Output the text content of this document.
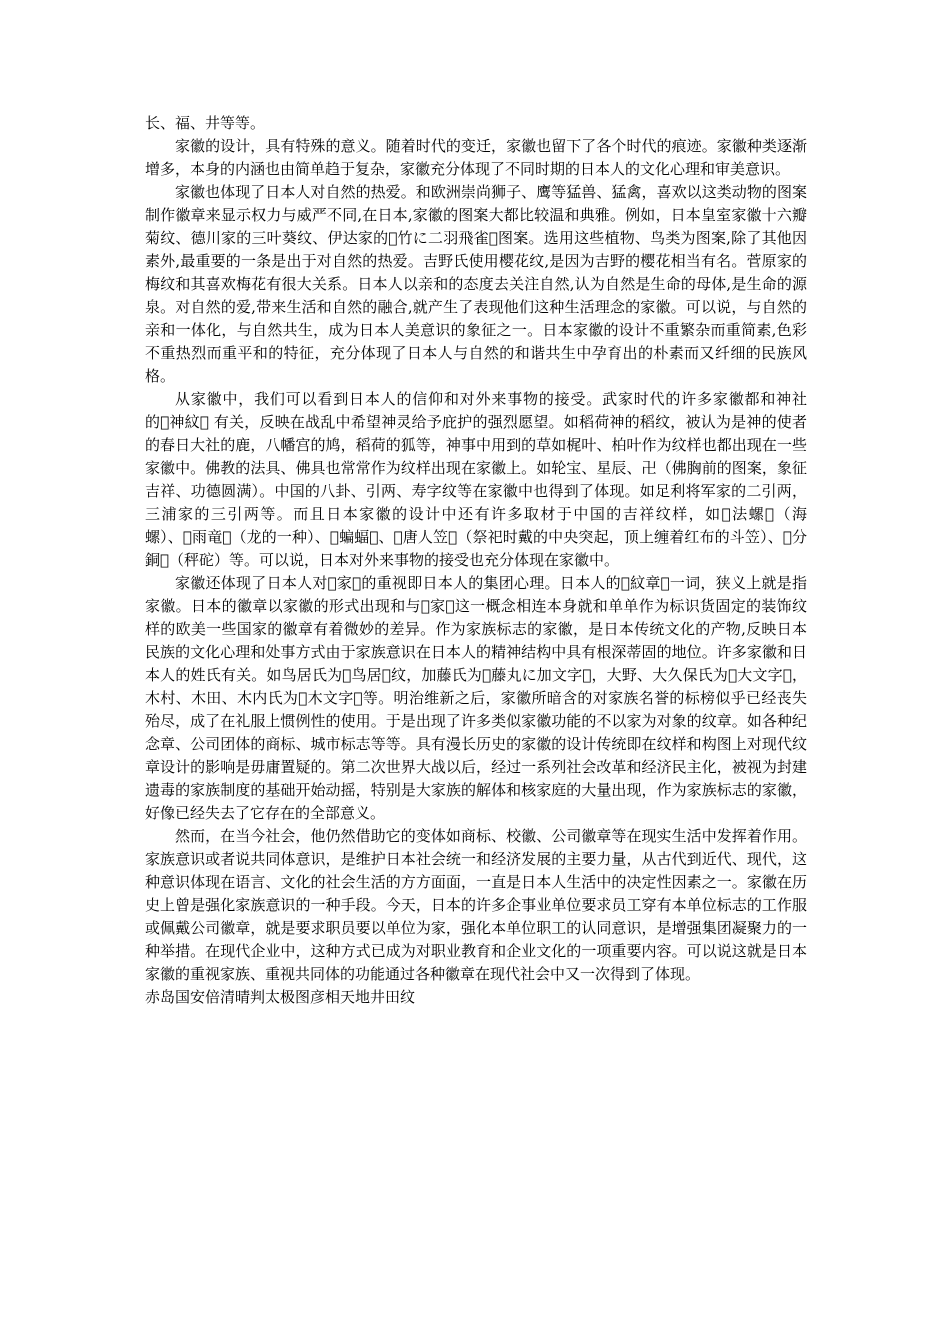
长、福、井等等。

家徽的设计，具有特殊的意义。随着时代的变迁，家徽也留下了各个时代的痕迹。家徽种类逐渐增多，本身的内涵也由简单趋于复杂，家徽充分体现了不同时期的日本人的文化心理和审美意识。

家徽也体现了日本人对自然的热爱。和欧洲崇尚狮子、鹰等猛兽、猛禽，喜欢以这类动物的图案制作徽章来显示权力与威严不同,在日本,家徽的图案大都比较温和典雅。例如，日本皇室家徽十六瓣菊纹、德川家的三叶葵纹、伊达家的 竹に二羽飛雀 图案。选用这些植物、鸟类为图案,除了其他因素外,最重要的一条是出于对自然的热爱。吉野氏使用樱花纹,是因为吉野的樱花相当有名。菅原家的梅纹和其喜欢梅花有很大关系。日本人以亲和的态度去关注自然,认为自然是生命的母体,是生命的源泉。对自然的爱,带来生活和自然的融合,就产生了表现他们这种生活理念的家徽。可以说，与自然的亲和一体化，与自然共生，成为日本人美意识的象征之一。日本家徽的设计不重繁杂而重简素,色彩不重热烈而重平和的特征，充分体现了日本人与自然的和谐共生中孕育出的朴素而又纤细的民族风格。

从家徽中，我们可以看到日本人的信仰和对外来事物的接受。武家时代的许多家徽都和神社的 神紋  有关，反映在战乱中希望神灵给予庇护的强烈愿望。如稻荷神的稻纹，被认为是神的使者的春日大社的鹿，八幡宫的鸠，稻荷的狐等，神事中用到的草如梶叶、柏叶作为纹样也都出现在一些家徽中。佛教的法具、佛具也常常作为纹样出现在家徽上。如轮宝、星辰、卍（佛胸前的图案，象征吉祥、功德圆满）。中国的八卦、引两、寿字纹等在家徽中也得到了体现。如足利将军家的二引两，三浦家的三引两等。而且日本家徽的设计中还有许多取材于中国的吉祥纹样，如 法螺 （海螺）、 雨竜 （龙的一种）、 蝙蝠 、 唐人笠 （祭祀时戴的中央突起，顶上缠着红布的斗笠）、 分銅 （秤砣）等。可以说，日本对外来事物的接受也充分体现在家徽中。

家徽还体现了日本人对 家 的重视即日本人的集团心理。日本人的 紋章 一词，狭义上就是指家徽。日本的徽章以家徽的形式出现和与 家 这一概念相连本身就和单单作为标识货固定的装饰纹样的欧美一些国家的徽章有着微妙的差异。作为家族标志的家徽，是日本传统文化的产物,反映日本民族的文化心理和处事方式由于家族意识在日本人的精神结构中具有根深蒂固的地位。许多家徽和日本人的姓氏有关。如鸟居氏为 鸟居 纹，加藤氏为 藤丸に加文字 ，大野、大久保氏为 大文字 ，木村、木田、木内氏为 木文字 等。明治维新之后，家徽所暗含的对家族名誉的标榜似乎已经丧失殆尽，成了在礼服上惯例性的使用。于是出现了许多类似家徽功能的不以家为对象的纹章。如各种纪念章、公司团体的商标、城市标志等等。具有漫长历史的家徽的设计传统即在纹样和构图上对现代纹章设计的影响是毋庸置疑的。第二次世界大战以后，经过一系列社会改革和经济民主化，被视为封建遗毒的家族制度的基础开始动摇，特别是大家族的解体和核家庭的大量出现，作为家族标志的家徽，好像已经失去了它存在的全部意义。

然而，在当今社会，他仍然借助它的变体如商标、校徽、公司徽章等在现实生活中发挥着作用。家族意识或者说共同体意识，是维护日本社会统一和经济发展的主要力量，从古代到近代、现代，这种意识体现在语言、文化的社会生活的方方面面，一直是日本人生活中的决定性因素之一。家徽在历史上曾是强化家族意识的一种手段。今天，日本的许多企事业单位要求员工穿有本单位标志的工作服或佩戴公司徽章，就是要求职员要以单位为家，强化本单位职工的认同意识，是增强集团凝聚力的一种举措。在现代企业中，这种方式已成为对职业教育和企业文化的一项重要内容。可以说这就是日本家徽的重视家族、重视共同体的功能通过各种徽章在现代社会中又一次得到了体现。

赤岛国安倍清晴判太极图彦相天地井田纹
